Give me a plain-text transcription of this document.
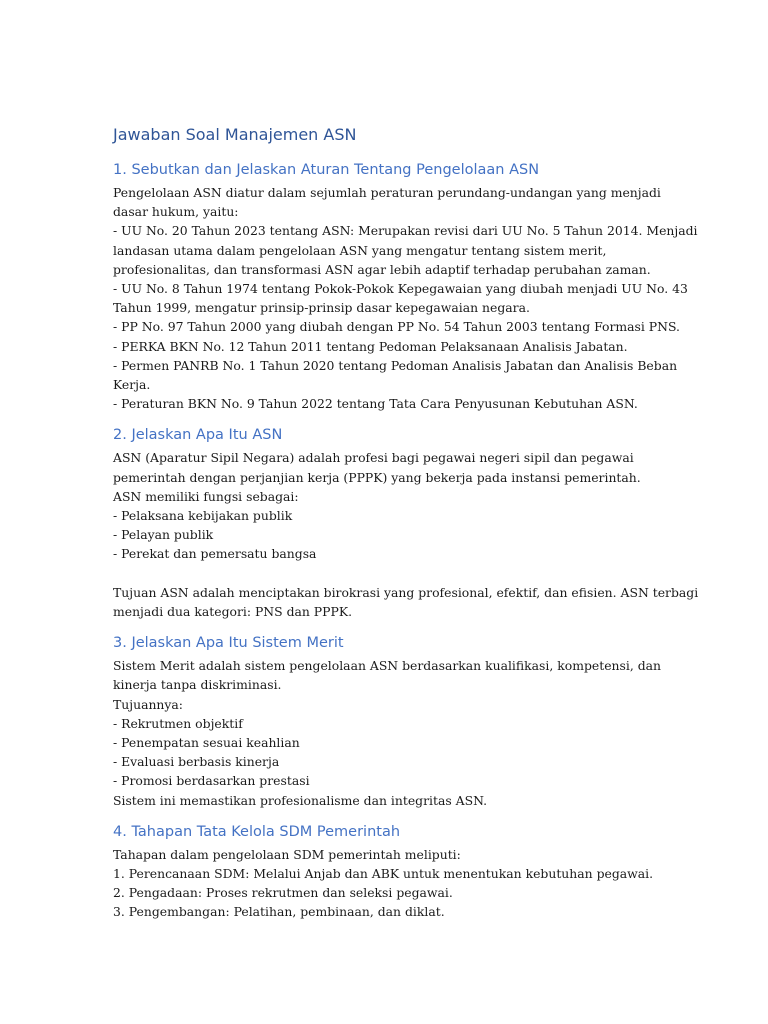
Jawaban Soal Manajemen ASN
1. Sebutkan dan Jelaskan Aturan Tentang Pengelolaan ASN
Pengelolaan ASN diatur dalam sejumlah peraturan perundang-undangan yang menjadi
dasar hukum, yaitu:
- UU No. 20 Tahun 2023 tentang ASN: Merupakan revisi dari UU No. 5 Tahun 2014. Menjadi
landasan utama dalam pengelolaan ASN yang mengatur tentang sistem merit,
profesionalitas, dan transformasi ASN agar lebih adaptif terhadap perubahan zaman.
- UU No. 8 Tahun 1974 tentang Pokok-Pokok Kepegawaian yang diubah menjadi UU No. 43
Tahun 1999, mengatur prinsip-prinsip dasar kepegawaian negara.
- PP No. 97 Tahun 2000 yang diubah dengan PP No. 54 Tahun 2003 tentang Formasi PNS.
- PERKA BKN No. 12 Tahun 2011 tentang Pedoman Pelaksanaan Analisis Jabatan.
- Permen PANRB No. 1 Tahun 2020 tentang Pedoman Analisis Jabatan dan Analisis Beban
Kerja.
- Peraturan BKN No. 9 Tahun 2022 tentang Tata Cara Penyusunan Kebutuhan ASN.
2. Jelaskan Apa Itu ASN
ASN (Aparatur Sipil Negara) adalah profesi bagi pegawai negeri sipil dan pegawai
pemerintah dengan perjanjian kerja (PPPK) yang bekerja pada instansi pemerintah.
ASN memiliki fungsi sebagai:
- Pelaksana kebijakan publik
- Pelayan publik
- Perekat dan pemersatu bangsa
Tujuan ASN adalah menciptakan birokrasi yang profesional, efektif, dan efisien. ASN terbagi
menjadi dua kategori: PNS dan PPPK.
3. Jelaskan Apa Itu Sistem Merit
Sistem Merit adalah sistem pengelolaan ASN berdasarkan kualifikasi, kompetensi, dan
kinerja tanpa diskriminasi.
Tujuannya:
- Rekrutmen objektif
- Penempatan sesuai keahlian
- Evaluasi berbasis kinerja
- Promosi berdasarkan prestasi
Sistem ini memastikan profesionalisme dan integritas ASN.
4. Tahapan Tata Kelola SDM Pemerintah
Tahapan dalam pengelolaan SDM pemerintah meliputi:
1. Perencanaan SDM: Melalui Anjab dan ABK untuk menentukan kebutuhan pegawai.
2. Pengadaan: Proses rekrutmen dan seleksi pegawai.
3. Pengembangan: Pelatihan, pembinaan, dan diklat.
